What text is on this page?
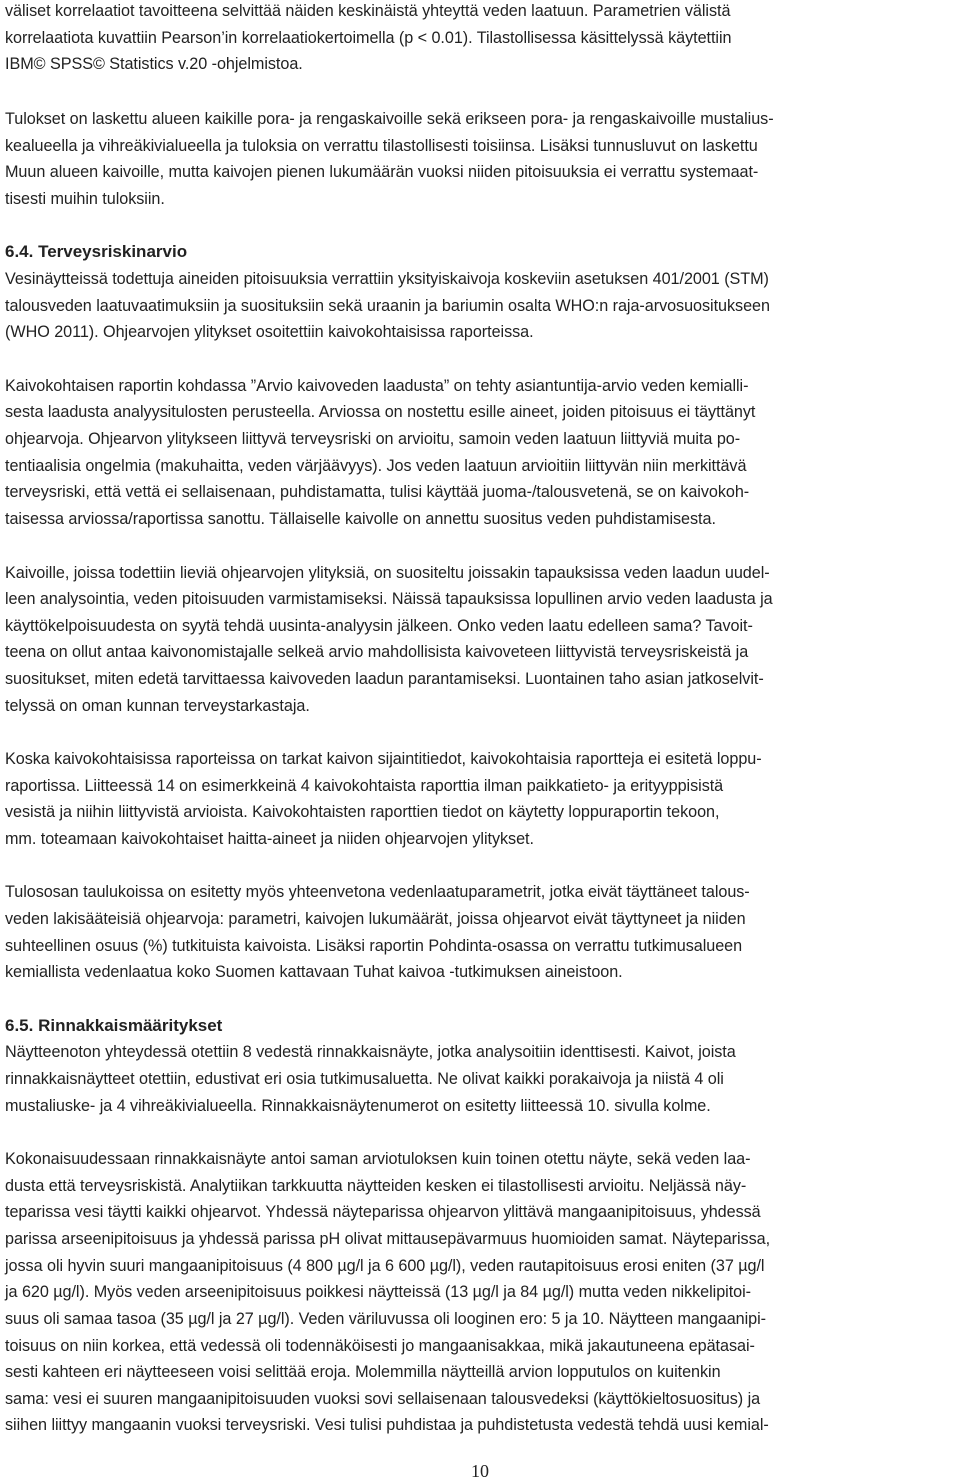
väliset korrelaatiot tavoitteena selvittää näiden keskinäistä yhteyttä veden laatuun. Parametrien välistä

korrelaatiota kuvattiin Pearson’in korrelaatiokertoimella (p < 0.01). Tilastollisessa käsittelyssä käytettiin

IBM© SPSS© Statistics v.20 -ohjelmistoa.

Tulokset on laskettu alueen kaikille pora- ja rengaskaivoille sekä erikseen pora- ja rengaskaivoille mustalius-

kealueella ja vihreäkivialueella ja tuloksia on verrattu tilastollisesti toisiinsa. Lisäksi tunnusluvut on laskettu

Muun alueen kaivoille, mutta kaivojen pienen lukumäärän vuoksi niiden pitoisuuksia ei verrattu systemaat-

tisesti muihin tuloksiin.

6.4. Terveysriskinarvio

Vesinäytteissä todettuja aineiden pitoisuuksia verrattiin yksityiskaivoja koskeviin asetuksen 401/2001 (STM)

talousveden laatuvaatimuksiin ja suosituksiin sekä uraanin ja bariumin osalta WHO:n raja-arvosuositukseen

(WHO 2011). Ohjearvojen ylitykset osoitettiin kaivokohtaisissa raporteissa.

Kaivokohtaisen raportin kohdassa ”Arvio kaivoveden laadusta” on tehty asiantuntija-arvio veden kemialli-

sesta laadusta analyysitulosten perusteella. Arviossa on nostettu esille aineet, joiden pitoisuus ei täyttänyt

ohjearvoja. Ohjearvon ylitykseen liittyvä terveysriski on arvioitu, samoin veden laatuun liittyviä muita po-

tentiaalisia ongelmia (makuhaitta, veden värjäävyys). Jos veden laatuun arvioitiin liittyvän niin merkittävä

terveysriski, että vettä ei sellaisenaan, puhdistamatta, tulisi käyttää juoma-/talousvetenä, se on kaivokoh-

taisessa arviossa/raportissa sanottu. Tällaiselle kaivolle on annettu suositus veden puhdistamisesta.

Kaivoille, joissa todettiin lieviä ohjearvojen ylityksiä, on suositeltu joissakin tapauksissa veden laadun uudel-

leen analysointia, veden pitoisuuden varmistamiseksi. Näissä tapauksissa lopullinen arvio veden laadusta ja

käyttökelpoisuudesta on syytä tehdä uusinta-analyysin jälkeen. Onko veden laatu edelleen sama? Tavoit-

teena on ollut antaa kaivonomistajalle selkeä arvio mahdollisista kaivoveteen liittyvistä terveysriskeistä ja

suositukset, miten edetä tarvittaessa kaivoveden laadun parantamiseksi. Luontainen taho asian jatkoselvit-

telyssä on oman kunnan terveystarkastaja.

Koska kaivokohtaisissa raporteissa on tarkat kaivon sijaintitiedot, kaivokohtaisia raportteja ei esitetä loppu-

raportissa. Liitteessä 14 on esimerkkeinä 4 kaivokohtaista raporttia ilman paikkatieto- ja erityyppisistä

vesistä ja niihin liittyvistä arvioista. Kaivokohtaisten raporttien tiedot on käytetty loppuraportin tekoon,

mm. toteamaan kaivokohtaiset haitta-aineet ja niiden ohjearvojen ylitykset.

Tulososan taulukoissa on esitetty myös yhteenvetona vedenlaatuparametrit, jotka eivät täyttäneet talous-

veden lakisääteisiä ohjearvoja: parametri, kaivojen lukumäärät, joissa ohjearvot eivät täyttyneet ja niiden

suhteellinen osuus (%) tutkituista kaivoista. Lisäksi raportin Pohdinta-osassa on verrattu tutkimusalueen

kemiallista vedenlaatua koko Suomen kattavaan Tuhat kaivoa -tutkimuksen aineistoon.

6.5. Rinnakkaismääritykset

Näytteenoton yhteydessä otettiin 8 vedestä rinnakkaisnäyte, jotka analysoitiin identtisesti. Kaivot, joista

rinnakkaisnäytteet otettiin, edustivat eri osia tutkimusaluetta. Ne olivat kaikki porakaivoja ja niistä 4 oli

mustaliuske- ja 4 vihreäkivialueella. Rinnakkaisnäytenumerot on esitetty liitteessä 10. sivulla kolme.

Kokonaisuudessaan rinnakkaisnäyte antoi saman arviotuloksen kuin toinen otettu näyte, sekä veden laa-

dusta että terveysriskistä. Analytiikan tarkkuutta näytteiden kesken ei tilastollisesti arvioitu. Neljässä näy-

teparissa vesi täytti kaikki ohjearvot. Yhdessä näyteparissa ohjearvon ylittävä mangaanipitoisuus, yhdessä

parissa arseenipitoisuus ja yhdessä parissa pH olivat mittausepävarmuus huomioiden samat. Näyteparissa,

jossa oli hyvin suuri mangaanipitoisuus (4 800 µg/l ja 6 600 µg/l), veden rautapitoisuus erosi eniten (37 µg/l

ja 620 µg/l). Myös veden arseenipitoisuus poikkesi näytteissä (13 µg/l ja 84 µg/l) mutta veden nikkelipitoi-

suus oli samaa tasoa (35 µg/l ja 27 µg/l). Veden väriluvussa oli looginen ero: 5 ja 10. Näytteen mangaanipi-

toisuus on niin korkea, että vedessä oli todennäköisesti jo mangaanisakkaa, mikä jakautuneena epätasai-

sesti kahteen eri näytteeseen voisi selittää eroja. Molemmilla näytteillä arvion lopputulos on kuitenkin

sama: vesi ei suuren mangaanipitoisuuden vuoksi sovi sellaisenaan talousvedeksi (käyttökieltosuositus) ja

siihen liittyy mangaanin vuoksi terveysriski. Vesi tulisi puhdistaa ja puhdistetusta vedestä tehdä uusi kemial-

10
